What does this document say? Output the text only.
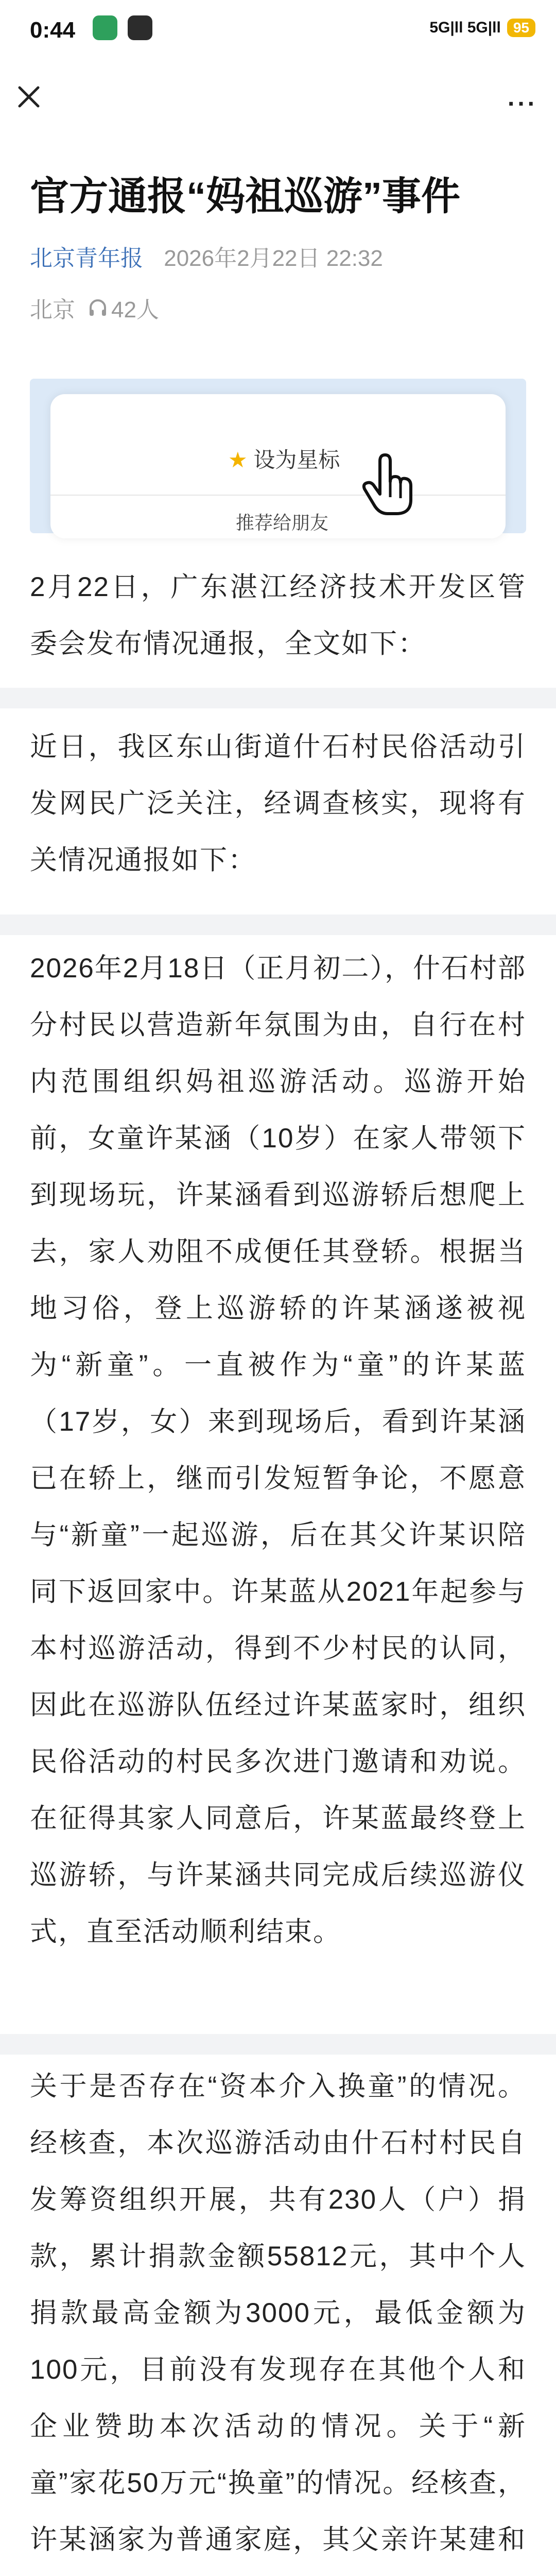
0:44	5G|ll 5G|ll 95
...
官方通报“妈祖巡游”事件
北京青年报 2026年2月22日 22:32
北京 42人
★ 设为星标
推荐给朋友

2月22日，广东湛江经济技术开发区管委会发布情况通报，全文如下：

近日，我区东山街道什石村民俗活动引发网民广泛关注，经调查核实，现将有关情况通报如下：

2026年2月18日（正月初二），什石村部分村民以营造新年氛围为由，自行在村内范围组织妈祖巡游活动。巡游开始前，女童许某涵（10岁）在家人带领下到现场玩，许某涵看到巡游轿后想爬上去，家人劝阻不成便任其登轿。根据当地习俗，登上巡游轿的许某涵遂被视为“新童”。一直被作为“童”的许某蓝（17岁，女）来到现场后，看到许某涵已在轿上，继而引发短暂争论，不愿意与“新童”一起巡游，后在其父许某识陪同下返回家中。许某蓝从2021年起参与本村巡游活动，得到不少村民的认同，因此在巡游队伍经过许某蓝家时，组织民俗活动的村民多次进门邀请和劝说。在征得其家人同意后，许某蓝最终登上巡游轿，与许某涵共同完成后续巡游仪式，直至活动顺利结束。

关于是否存在“资本介入换童”的情况。经核查，本次巡游活动由什石村村民自发筹资组织开展，共有230人（户）捐款，累计捐款金额55812元，其中个人捐款最高金额为3000元，最低金额为100元，目前没有发现存在其他个人和企业赞助本次活动的情况。关于“新童”家花50万元“换童”的情况。经核查，许某涵家为普通家庭，其父亲许某建和
